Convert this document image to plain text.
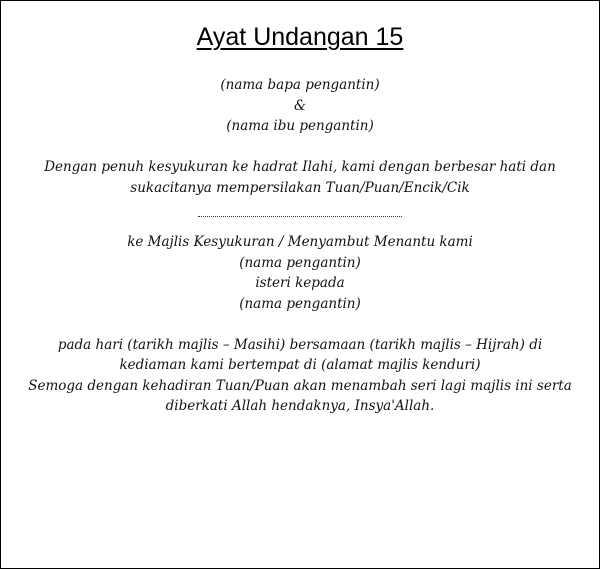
Ayat Undangan 15
(nama bapa pengantin)
&
(nama ibu pengantin)
Dengan penuh kesyukuran ke hadrat Ilahi, kami dengan berbesar hati dan
sukacitanya mempersilakan Tuan/Puan/Encik/Cik
ke Majlis Kesyukuran / Menyambut Menantu kami
(nama pengantin)
isteri kepada
(nama pengantin)
pada hari (tarikh majlis – Masihi) bersamaan (tarikh majlis – Hijrah) di
kediaman kami bertempat di (alamat majlis kenduri)
Semoga dengan kehadiran Tuan/Puan akan menambah seri lagi majlis ini serta
diberkati Allah hendaknya, Insya'Allah.
